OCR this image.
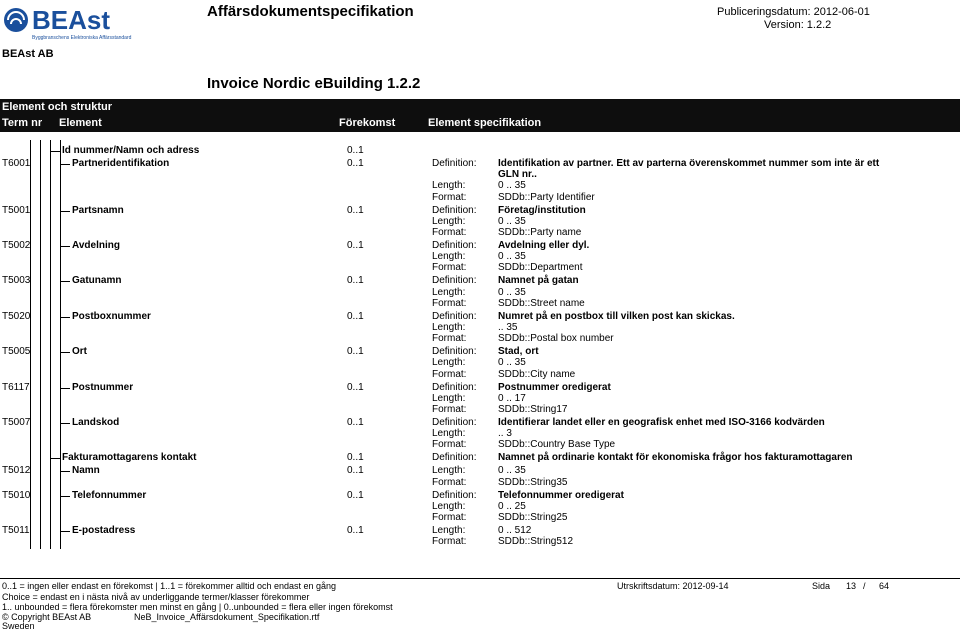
BEAst
Byggbranschens Elektroniska Affärsstandard
Affärsdokumentspecifikation	Publiceringsdatum: 2012-06-01
Version: 1.2.2
BEAst AB
Invoice Nordic eBuilding 1.2.2
Element och struktur
Term nr Element	Förekomst	Element specifikation
Id nummer/Namn och adress	0..1
T6001	Partneridentifikation	0..1	Definition: Identifikation av partner. Ett av parterna överenskommet nummer som inte är ett
GLN nr..
Length:	0 .. 35
Format:	SDDb::Party Identifier
T5001	Partsnamn	0..1	Definition: Företag/institution
Length:	0 .. 35
Format:	SDDb::Party name
T5002	Avdelning	0..1	Definition: Avdelning eller dyl.
Length:	0 .. 35
Format:	SDDb::Department
T5003	Gatunamn	0..1	Definition: Namnet på gatan
Length:	0 .. 35
Format:	SDDb::Street name
T5020	Postboxnummer	0..1	Definition: Numret på en postbox till vilken post kan skickas.
Length:	.. 35
Format:	SDDb::Postal box number
T5005	Ort	0..1	Definition: Stad, ort
Length:	0 .. 35
Format:	SDDb::City name
T6117	Postnummer	0..1	Definition: Postnummer oredigerat
Length:	0 .. 17
Format:	SDDb::String17
T5007	Landskod	0..1	Definition: Identifierar landet eller en geografisk enhet med ISO-3166 kodvärden
Length:	.. 3
Format:	SDDb::Country Base Type
Fakturamottagarens kontakt	0..1	Definition: Namnet på ordinarie kontakt för ekonomiska frågor hos fakturamottagaren
T5012	Namn	0..1	Length:	0 .. 35
Format:	SDDb::String35
T5010	Telefonnummer	0..1	Definition: Telefonnummer oredigerat
Length:	0 .. 25
Format:	SDDb::String25
T5011	E-postadress	0..1	Length:	0 .. 512
Format:	SDDb::String512
0..1 = ingen eller endast en förekomst | 1..1 = förekommer alltid och endast en gång
Choice = endast en i nästa nivå av underliggande termer/klasser förekommer
1.. unbounded = flera förekomster men minst en gång | 0..unbounded = flera eller ingen förekomst
© Copyright BEAst AB	NeB_Invoice_Affärsdokument_Specifikation.rtf
Sweden
Utrskriftsdatum: 2012-09-14	Sida 13 / 64
